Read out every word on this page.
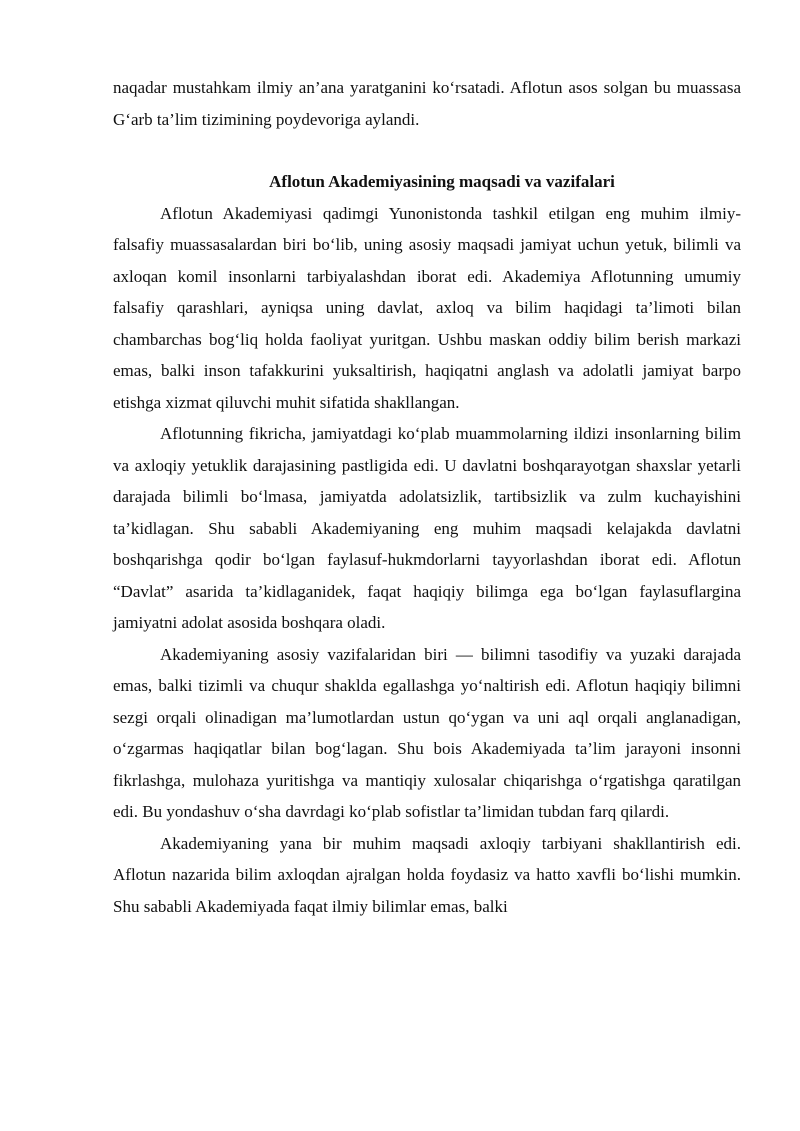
naqadar mustahkam ilmiy an’ana yaratganini ko‘rsatadi. Aflotun asos solgan bu muassasa G‘arb ta’lim tizimining poydevoriga aylandi.

Aflotun Akademiyasining maqsadi va vazifalari

Aflotun Akademiyasi qadimgi Yunonistonda tashkil etilgan eng muhim ilmiy-falsafiy muassasalardan biri bo‘lib, uning asosiy maqsadi jamiyat uchun yetuk, bilimli va axloqan komil insonlarni tarbiyalashdan iborat edi. Akademiya Aflotunning umumiy falsafiy qarashlari, ayniqsa uning davlat, axloq va bilim haqidagi ta’limoti bilan chambarchas bog‘liq holda faoliyat yuritgan. Ushbu maskan oddiy bilim berish markazi emas, balki inson tafakkurini yuksaltirish, haqiqatni anglash va adolatli jamiyat barpo etishga xizmat qiluvchi muhit sifatida shakllangan.

Aflotunning fikricha, jamiyatdagi ko‘plab muammolarning ildizi insonlarning bilim va axloqiy yetuklik darajasining pastligida edi. U davlatni boshqarayotgan shaxslar yetarli darajada bilimli bo‘lmasa, jamiyatda adolatsizlik, tartibsizlik va zulm kuchayishini ta’kidlagan. Shu sababli Akademiyaning eng muhim maqsadi kelajakda davlatni boshqarishga qodir bo‘lgan faylasuf-hukmdorlarni tayyorlashdan iborat edi. Aflotun “Davlat” asarida ta’kidlaganidek, faqat haqiqiy bilimga ega bo‘lgan faylasuflargina jamiyatni adolat asosida boshqara oladi.

Akademiyaning asosiy vazifalaridan biri — bilimni tasodifiy va yuzaki darajada emas, balki tizimli va chuqur shaklda egallashga yo‘naltirish edi. Aflotun haqiqiy bilimni sezgi orqali olinadigan ma’lumotlardan ustun qo‘ygan va uni aql orqali anglanadigan, o‘zgarmas haqiqatlar bilan bog‘lagan. Shu bois Akademiyada ta’lim jarayoni insonni fikrlashga, mulohaza yuritishga va mantiqiy xulosalar chiqarishga o‘rgatishga qaratilgan edi. Bu yondashuv o‘sha davrdagi ko‘plab sofistlar ta’limidan tubdan farq qilardi.

Akademiyaning yana bir muhim maqsadi axloqiy tarbiyani shakllantirish edi. Aflotun nazarida bilim axloqdan ajralgan holda foydasiz va hatto xavfli bo‘lishi mumkin. Shu sababli Akademiyada faqat ilmiy bilimlar emas, balki
